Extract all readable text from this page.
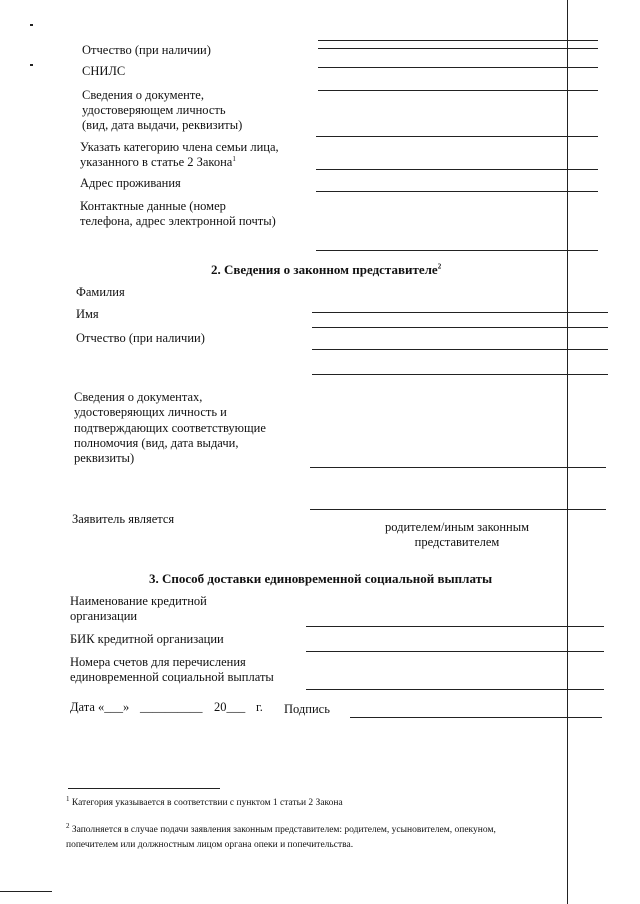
Отчество (при наличии)
СНИЛС
Сведения о документе,
удостоверяющем личность
(вид, дата выдачи, реквизиты)
Указать категорию члена семьи лица,
указанного в статье 2 Закона$^1$
Адрес проживания
Контактные данные (номер
телефона, адрес электронной почты)
2. Сведения о законном представителе$^2$
Фамилия
Имя
Отчество (при наличии)
Сведения о документах,
удостоверяющих личность и
подтверждающих соответствующие
полномочия (вид, дата выдачи,
реквизиты)
Заявитель является
родителем/иным законным
представителем
3. Способ доставки единовременной социальной выплаты
Наименование кредитной
организации
БИК кредитной организации
Номера счетов для перечисления
единовременной социальной выплаты
Дата «___» __________ 20___ г. Подпись
$^1$ Категория указывается в соответствии с пунктом 1 статьи 2 Закона
$^2$ Заполняется в случае подачи заявления законным представителем: родителем, усыновителем, опекуном,
попечителем или должностным лицом органа опеки и попечительства.
